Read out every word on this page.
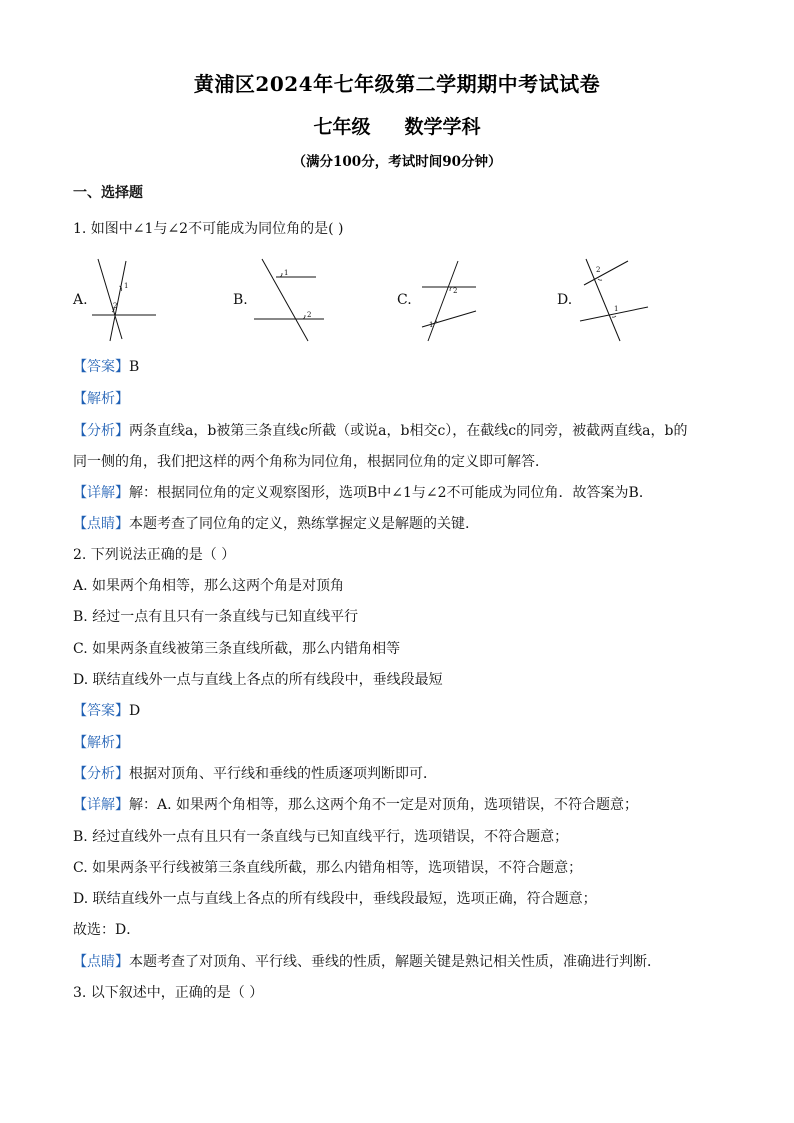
黄浦区2024年七年级第二学期期中考试试卷
七年级 数学学科
（满分100分，考试时间90分钟）
一、选择题
1. 如图中∠1与∠2不可能成为同位角的是( )
A.
1
2	B.
1
2
C.
2
1
D.
2
1
【答案】B
【解析】
【分析】两条直线a，b被第三条直线c所截（或说a，b相交c），在截线c的同旁，被截两直线a，b的
同一侧的角，我们把这样的两个角称为同位角，根据同位角的定义即可解答．
【详解】解：根据同位角的定义观察图形，选项B中∠1与∠2不可能成为同位角．故答案为B．
【点睛】本题考查了同位角的定义，熟练掌握定义是解题的关键.
2. 下列说法正确的是（ ）
A. 如果两个角相等，那么这两个角是对顶角
B. 经过一点有且只有一条直线与已知直线平行
C. 如果两条直线被第三条直线所截，那么内错角相等
D. 联结直线外一点与直线上各点的所有线段中，垂线段最短
【答案】D
【解析】
【分析】根据对顶角、平行线和垂线的性质逐项判断即可．
【详解】解：A. 如果两个角相等，那么这两个角不一定是对顶角，选项错误，不符合题意；
B. 经过直线外一点有且只有一条直线与已知直线平行，选项错误，不符合题意；
C. 如果两条平行线被第三条直线所截，那么内错角相等，选项错误，不符合题意；
D. 联结直线外一点与直线上各点的所有线段中，垂线段最短，选项正确，符合题意；
故选：D．
【点睛】本题考查了对顶角、平行线、垂线的性质，解题关键是熟记相关性质，准确进行判断．
3. 以下叙述中，正确的是（ ）
